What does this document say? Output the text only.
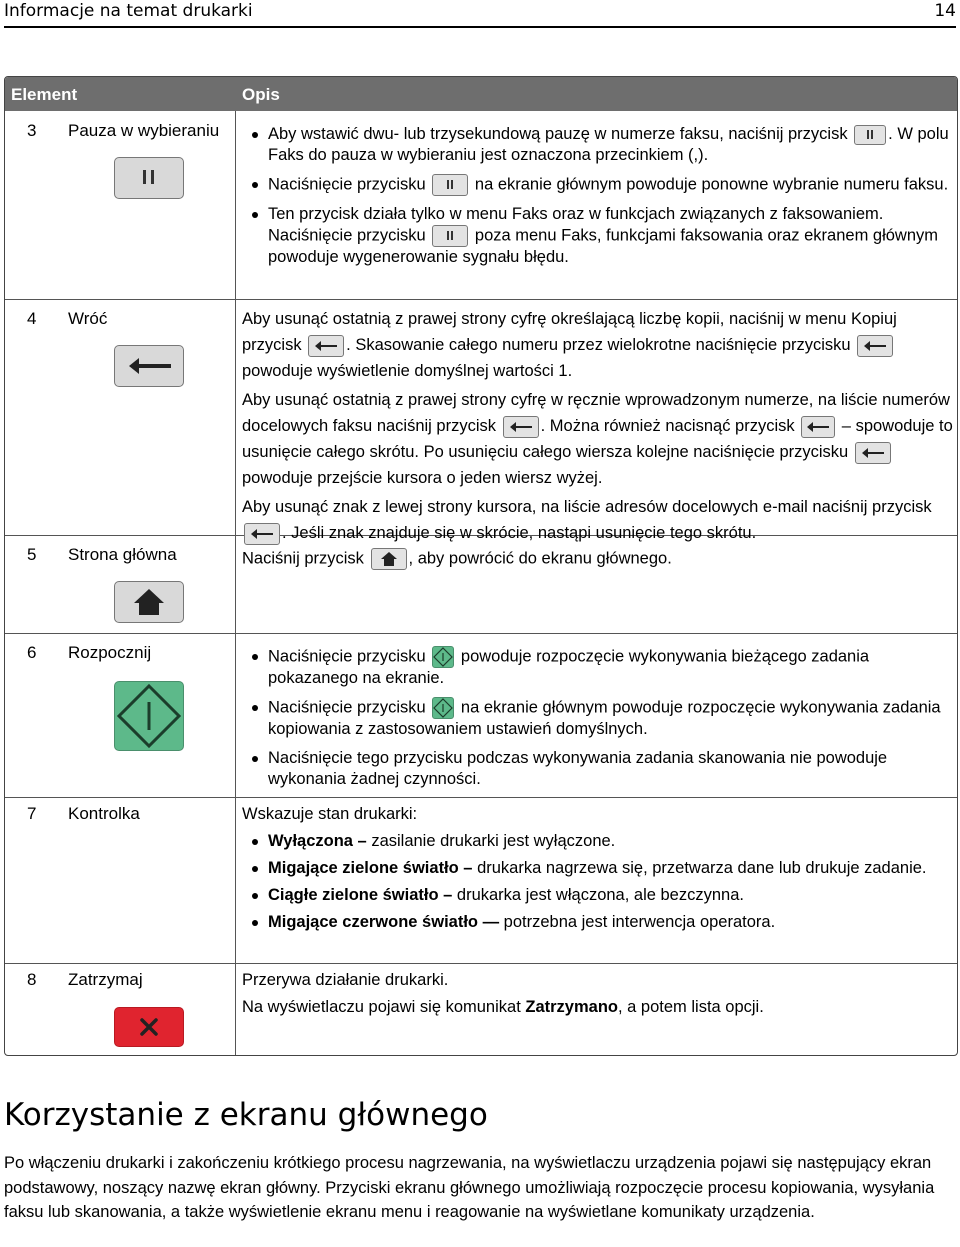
Informacje na temat drukarki	14
Element	Opis
3 Pauza w wybieraniu	Aby wstawić dwu- lub trzysekundową pauzę w numerze faksu, naciśnij przycisk
. W polu Faks do pauza w wybieraniu jest oznaczona przecinkiem (,).
Naciśnięcie przycisku
na ekranie głównym powoduje ponowne wybranie numeru faksu.
Ten przycisk działa tylko w menu Faks oraz w funkcjach związanych z faksowaniem. Naciśnięcie przycisku
poza menu Faks, funkcjami faksowania oraz ekranem głównym powoduje wygenerowanie sygnału błędu.
4 Wróć	Aby usunąć ostatnią z prawej strony cyfrę określającą liczbę kopii, naciśnij w menu Kopiuj przycisk
. Skasowanie całego numeru przez wielokrotne naciśnięcie przycisku
powoduje wyświetlenie domyślnej wartości 1.

Aby usunąć ostatnią z prawej strony cyfrę w ręcznie wprowadzonym numerze, na liście numerów docelowych faksu naciśnij przycisk
. Można również nacisnąć przycisk
– spowoduje to usunięcie całego skrótu. Po usunięciu całego wiersza kolejne naciśnięcie przycisku
powoduje przejście kursora o jeden wiersz wyżej.

Aby usunąć znak z lewej strony kursora, na liście adresów docelowych e-mail naciśnij przycisk
. Jeśli znak znajduje się w skrócie, nastąpi usunięcie tego skrótu.

5 Strona główna	Naciśnij przycisk
, aby powrócić do ekranu głównego.

6 Rozpocznij	Naciśnięcie przycisku
powoduje rozpoczęcie wykonywania bieżącego zadania pokazanego na ekranie.
Naciśnięcie przycisku
na ekranie głównym powoduje rozpoczęcie wykonywania zadania kopiowania z zastosowaniem ustawień domyślnych.
Naciśnięcie tego przycisku podczas wykonywania zadania skanowania nie powoduje wykonania żadnej czynności.
7 Kontrolka	Wskazuje stan drukarki:

Wyłączona – zasilanie drukarki jest wyłączone.
Migające zielone światło – drukarka nagrzewa się, przetwarza dane lub drukuje zadanie.
Ciągłe zielone światło – drukarka jest włączona, ale bezczynna.
Migające czerwone światło — potrzebna jest interwencja operatora.
8 Zatrzymaj	Przerywa działanie drukarki.

Na wyświetlaczu pojawi się komunikat Zatrzymano, a potem lista opcji.

Korzystanie z ekranu głównego

Po włączeniu drukarki i zakończeniu krótkiego procesu nagrzewania, na wyświetlaczu urządzenia pojawi się następujący ekran podstawowy, noszący nazwę ekran główny. Przyciski ekranu głównego umożliwiają rozpoczęcie procesu kopiowania, wysyłania faksu lub skanowania, a także wyświetlenie ekranu menu i reagowanie na wyświetlane komunikaty urządzenia.
